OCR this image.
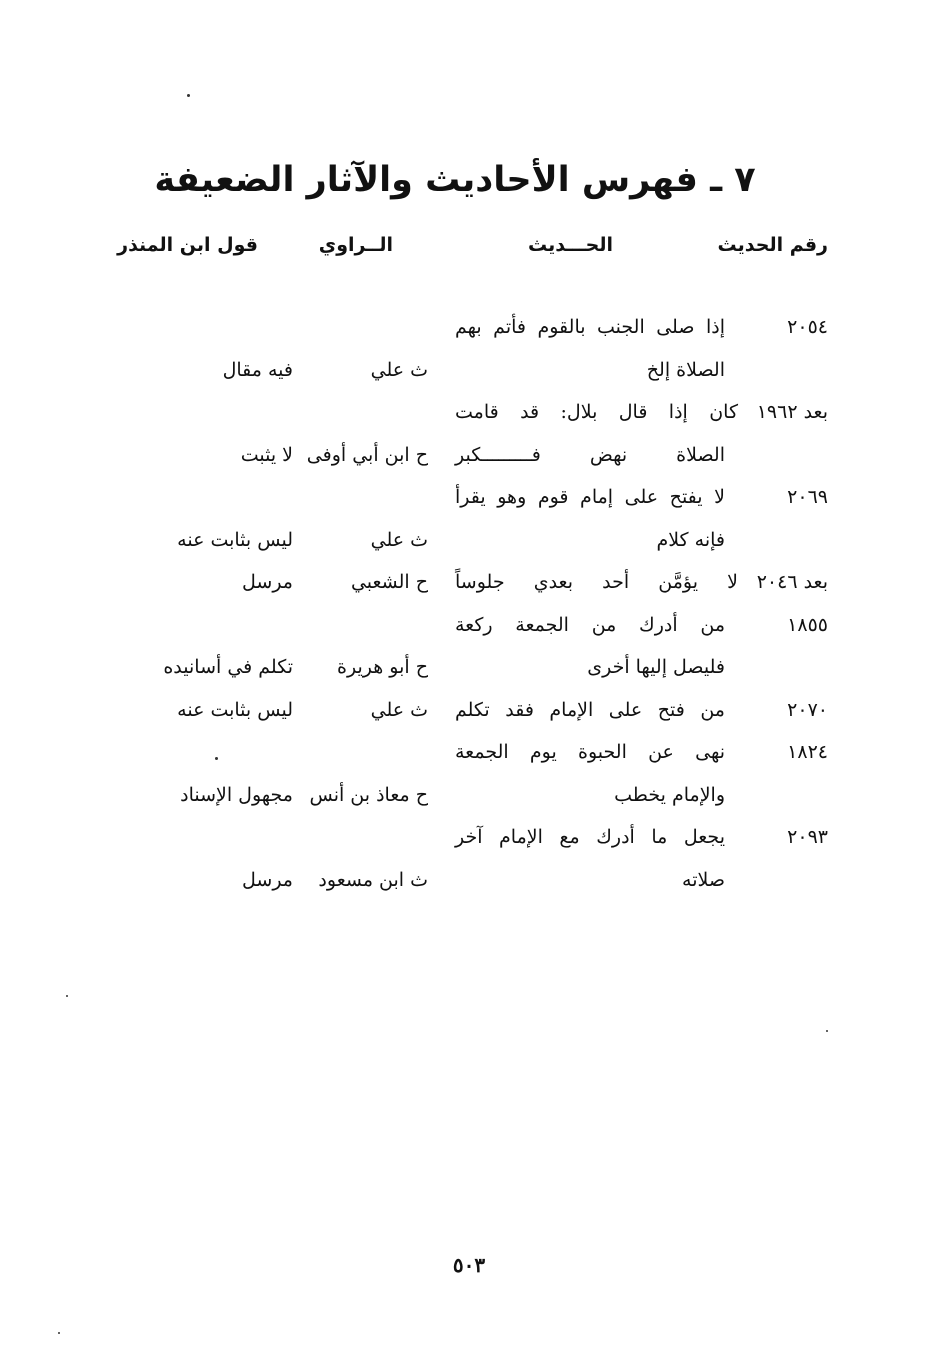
٧ ـ فهرس الأحاديث والآثار الضعيفة
رقم الحديث
الحـــديث
الــراوي
قول ابن المنذر
٢٠٥٤
إذا صلى الجنب بالقوم فأتم بهم
الصلاة إلخ
ث علي
فيه مقال
بعد ١٩٦٢
كان إذا قال بلال: قد قامت
الصلاة نهض فـــــــــكبر
ح ابن أبي أوفى
لا يثبت
٢٠٦٩
لا يفتح على إمام قوم وهو يقرأ
فإنه كلام
ث علي
ليس بثابت عنه
بعد ٢٠٤٦
لا يؤمَّن أحد بعدي جلوساً
ح الشعبي
مرسل
١٨٥٥
من أدرك من الجمعة ركعة
فليصل إليها أخرى
ح أبو هريرة
تكلم في أسانيده
٢٠٧٠
من فتح على الإمام فقد تكلم
ث علي
ليس بثابت عنه
١٨٢٤
نهى عن الحبوة يوم الجمعة
والإمام يخطب
ح معاذ بن أنس
مجهول الإسناد
٢٠٩٣
يجعل ما أدرك مع الإمام آخر
صلاته
ث ابن مسعود
مرسل
٥٠٣
